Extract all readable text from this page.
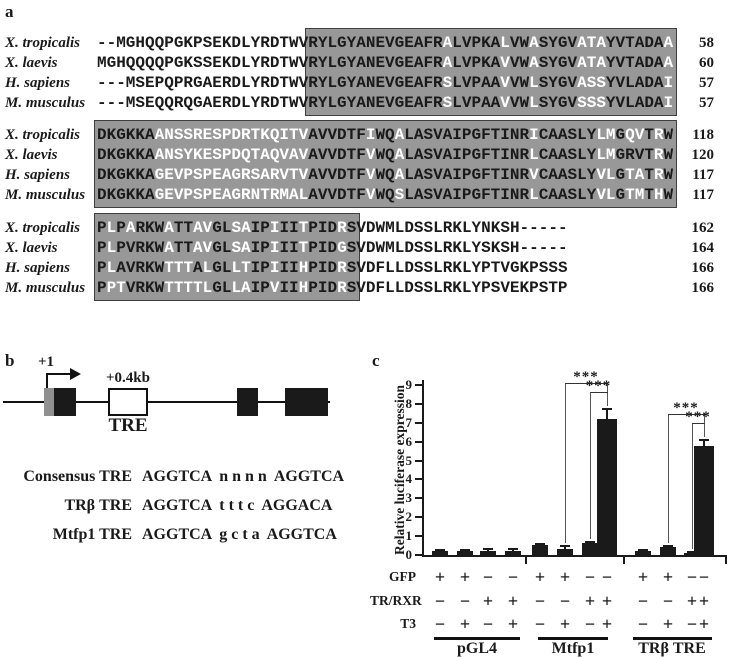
a
X. tropicalis	--MGHQQPGKPSEKDLYRDTWVRYLGYANEVGEAFRALVPKALVWASYGVATAYVTADAA	58
X. laevis	MGHQQQQPGKSSEKDLYRDTWVRYLGYANEVGEAFRALVPKAVVWASYGVATAYVTADAA	60
H. sapiens	---MSEPQPRGAERDLYRDTWVRYLGYANEVGEAFRSLVPAAVVWLSYGVASSYVLADAI	57
M. musculus ---MSEQQRQGAERDLYRDTWVRYLGYANEVGEAFRSLVPAAVVWLSYGVSSSYVLADAI	57
X. tropicalis	DKGKKAANSSRESPDRTKQITVAVVDTFIWQALASVAIPGFTINRICAASLYLMGQVTRW	118
X. laevis	DKGKKAANSYKESPDQTAQVAVAVVDTFVWQALASVAIPGFTINRLCAASLYLMGRVTRW	120
H. sapiens	DKGKKAGEVPSPEAGRSARVTVAVVDTFVWQALASVAIPGFTINRVCAASLYVLGTATRW	117
M. musculus DKGKKAGEVPSPEAGRNTRMALAVVDTFVWQSLASVAIPGFTINRLCAASLYVLGTMTHW	117
X. tropicalis	PLPARKWATTAVGLSAIPIIITPIDRSVDWMLDSSLRKLYNKSH-----	162
X. laevis	PLPVRKWATTAVGLSAIPIIITPIDGSVDWMLDSSLRKLYSKSH-----	164
H. sapiens	PLAVRKWTTTALGLLTIPIIIHPIDRSVDFLLDSSLRKLYPTVGKPSSS	166
M. musculus PPTVRKWTTTTLGLLAIPVIIHPIDRSVDFLLDSSLRKLYPSVEKPSTP	166
b +1
+0.4kb
TRE
Consensus TRE AGGTCA nnnn AGGTCA
TRβ TRE AGGTCA tttc AGGACA
Mtfp1 TRE AGGTCA gcta AGGTCA
c
0
1
2
3
4
5
6
7
8
9
Relative luciferase expression
***
***
***
***
GFP	+ + − − + + − −	+ + − −
TR/RXR − − + + − − + +	− − + +
T3	− + − + − + − +	− + − +
pGL4	Mtfp1	TRβ TRE
